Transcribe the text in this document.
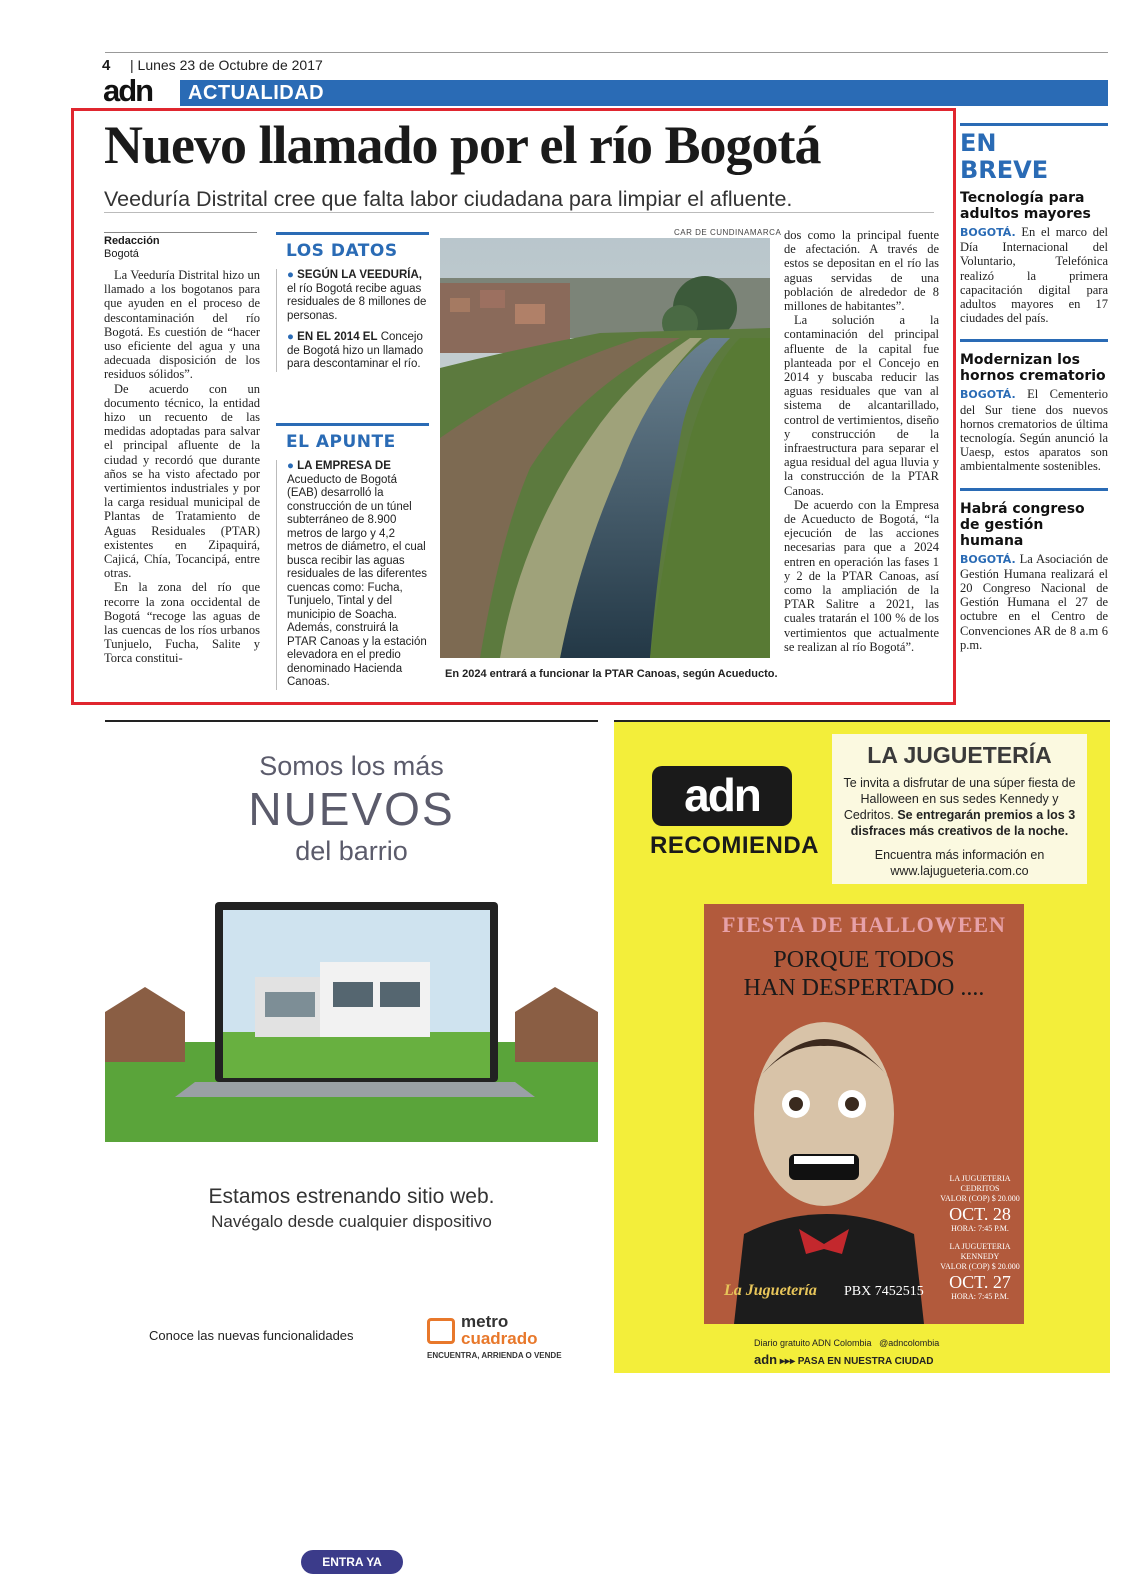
4 | Lunes 23 de Octubre de 2017
adn	ACTUALIDAD
Nuevo llamado por el río Bogotá
Veeduría Distrital cree que falta labor ciudadana para limpiar el afluente.
Redacción
Bogotá

La Veeduría Distrital hizo un llamado a los bogotanos para que ayuden en el proceso de descontaminación del río Bogotá. Es cuestión de “hacer uso eficiente del agua y una adecuada disposición de los residuos sólidos”.

De acuerdo con un documento técnico, la entidad hizo un recuento de las medidas adoptadas para salvar el principal afluente de la ciudad y recordó que durante años se ha visto afectado por vertimientos industriales y por la carga residual municipal de Plantas de Tratamiento de Aguas Residuales (PTAR) existentes en Zipaquirá, Cajicá, Chía, Tocancipá, entre otras.

En la zona del río que recorre la zona occidental de Bogotá “recoge las aguas de las cuencas de los ríos urbanos Tunjuelo, Fucha, Salite y Torca constitui-

LOS DATOS

● SEGÚN LA VEEDURÍA, el río Bogotá recibe aguas residuales de 8 millones de personas.

● EN EL 2014 EL Concejo de Bogotá hizo un llamado para descontaminar el río.

EL APUNTE

● LA EMPRESA DE Acueducto de Bogotá (EAB) desarrolló la construcción de un túnel subterráneo de 8.900 metros de largo y 4,2 metros de diámetro, el cual busca recibir las aguas residuales de las diferentes cuencas como: Fucha, Tunjuelo, Tintal y del municipio de Soacha. Además, construirá la PTAR Canoas y la estación elevadora en el predio denominado Hacienda Canoas.

CAR DE CUNDINAMARCA
En 2024 entrará a funcionar la PTAR Canoas, según Acueducto.

dos como la principal fuente de afectación. A través de estos se depositan en el río las aguas servidas de una población de alrededor de 8 millones de habitantes”.

La solución a la contaminación del principal afluente de la capital fue planteada por el Concejo en 2014 y buscaba reducir las aguas residuales que van al sistema de alcantarillado, control de vertimientos, diseño y construcción de la infraestructura para separar el agua residual del agua lluvia y la construcción de la PTAR Canoas.

De acuerdo con la Empresa de Acueducto de Bogotá, “la ejecución de las acciones necesarias para que a 2024 entren en operación las fases 1 y 2 de la PTAR Canoas, así como la ampliación de la PTAR Salitre a 2021, las cuales tratarán el 100 % de los vertimientos que actualmente se realizan al río Bogotá”.

EN
BREVE
Tecnología para adultos mayores
BOGOTÁ. En el marco del Día Internacional del Voluntario, Telefónica realizó la primera capacitación digital para adultos mayores en 17 ciudades del país.
Modernizan los hornos crematorio
BOGOTÁ. El Cementerio del Sur tiene dos nuevos hornos crematorios de última tecnología. Según anunció la Uaesp, estos aparatos son ambientalmente sostenibles.
Habrá congreso de gestión humana
BOGOTÁ. La Asociación de Gestión Humana realizará el 20 Congreso Nacional de Gestión Humana el 27 de octubre en el Centro de Convenciones AR de 8 a.m 6 p.m.
Somos los más
NUEVOS
del barrio
Estamos estrenando sitio web.
Navégalo desde cualquier dispositivo
ENTRA YA
Conoce las nuevas funcionalidades
metro
cuadrado
ENCUENTRA, ARRIENDA O VENDE
adn
RECOMIENDA
LA JUGUETERÍA
Te invita a disfrutar de una súper fiesta de Halloween en sus sedes Kennedy y Cedritos. Se entregarán premios a los 3 disfraces más creativos de la noche.
Encuentra más información en www.lajugueteria.com.co
FIESTA DE HALLOWEEN
PORQUE TODOS
HAN DESPERTADO ....
LA JUGUETERIA CEDRITOS
VALOR (COP) $ 20.000
OCT. 28
HORA: 7:45 P.M.
LA JUGUETERIA KENNEDY
VALOR (COP) $ 20.000
OCT. 27
HORA: 7:45 P.M.
PBX 7452515
La Juguetería
Diario gratuito ADN Colombia @adncolombia
adn ▸▸▸ PASA EN NUESTRA CIUDAD
